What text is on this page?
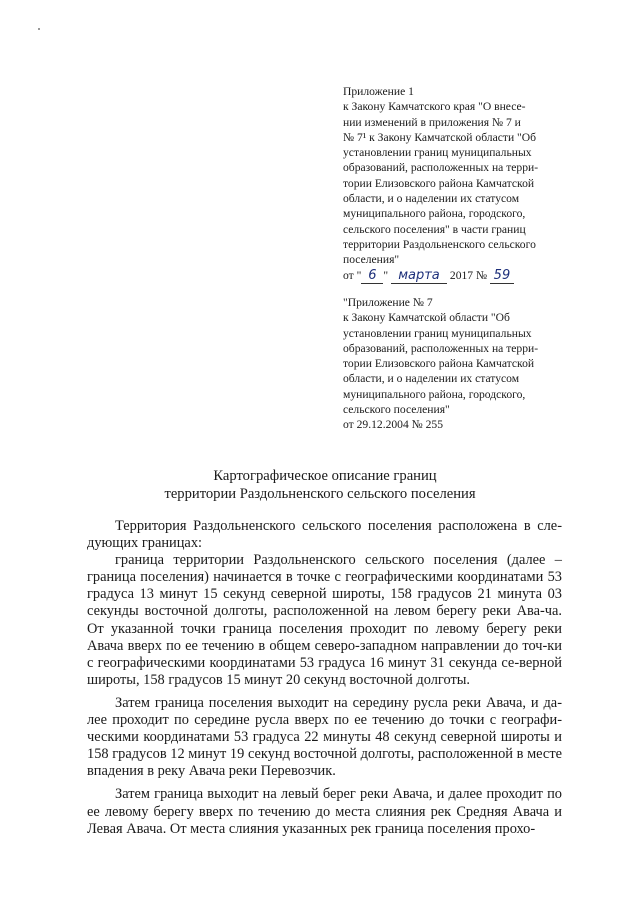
Приложение 1
к Закону Камчатского края "О внесе-
нии изменений в приложения № 7 и
№ 7¹ к Закону Камчатской области "Об
установлении границ муниципальных
образований, расположенных на терри-
тории Елизовского района Камчатской
области, и о наделении их статусом
муниципального района, городского,
сельского поселения" в части границ
территории Раздольненского сельского
поселения"
от " 6 " марта 2017 № 59
"Приложение № 7
к Закону Камчатской области "Об
установлении границ муниципальных
образований, расположенных на терри-
тории Елизовского района Камчатской
области, и о наделении их статусом
муниципального района, городского,
сельского поселения"
от 29.12.2004 № 255
Картографическое описание границ
территории Раздольненского сельского поселения

Территория Раздольненского сельского поселения расположена в сле-дующих границах:

граница территории Раздольненского сельского поселения (далее – граница поселения) начинается в точке с географическими координатами 53 градуса 13 минут 15 секунд северной широты, 158 градусов 21 минута 03 секунды восточной долготы, расположенной на левом берегу реки Ава-ча. От указанной точки граница поселения проходит по левому берегу реки Авача вверх по ее течению в общем северо-западном направлении до точ-ки с географическими координатами 53 градуса 16 минут 31 секунда се-верной широты, 158 градусов 15 минут 20 секунд восточной долготы.

Затем граница поселения выходит на середину русла реки Авача, и да-лее проходит по середине русла вверх по ее течению до точки с географи-ческими координатами 53 градуса 22 минуты 48 секунд северной широты и 158 градусов 12 минут 19 секунд восточной долготы, расположенной в месте впадения в реку Авача реки Перевозчик.

Затем граница выходит на левый берег реки Авача, и далее проходит по ее левому берегу вверх по течению до места слияния рек Средняя Авача и Левая Авача. От места слияния указанных рек граница поселения прохо-
